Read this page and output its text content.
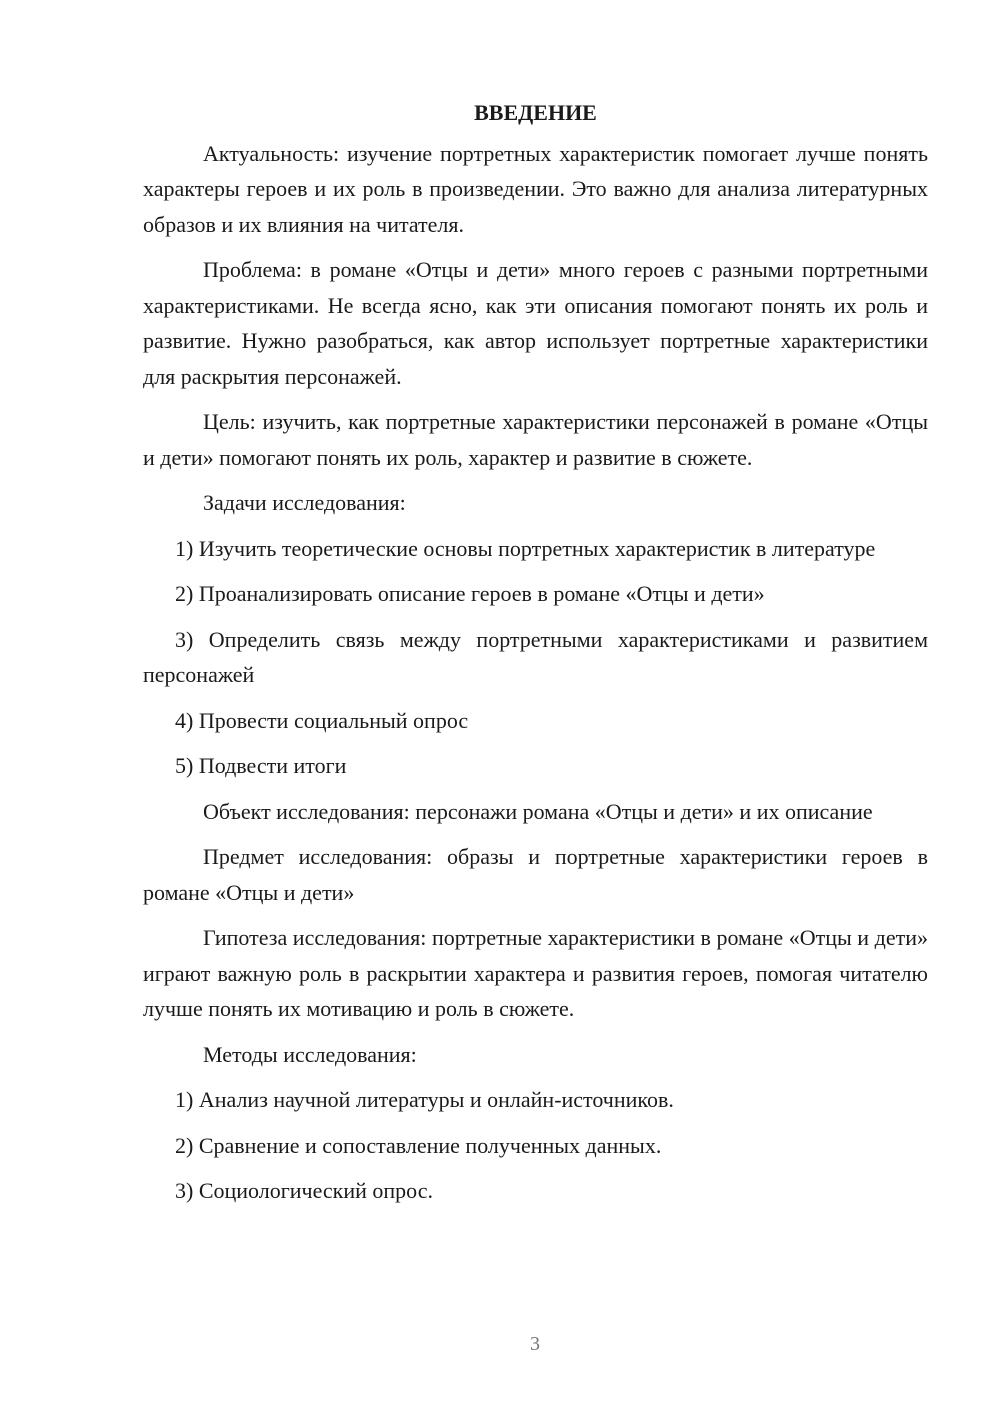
ВВЕДЕНИЕ

Актуальность: изучение портретных характеристик помогает лучше понять характеры героев и их роль в произведении. Это важно для анализа литературных образов и их влияния на читателя.

Проблема: в романе «Отцы и дети» много героев с разными портретными характеристиками. Не всегда ясно, как эти описания помогают понять их роль и развитие. Нужно разобраться, как автор использует портретные характеристики для раскрытия персонажей.

Цель: изучить, как портретные характеристики персонажей в романе «Отцы и дети» помогают понять их роль, характер и развитие в сюжете.

Задачи исследования:

1) Изучить теоретические основы портретных характеристик в литературе

2) Проанализировать описание героев в романе «Отцы и дети»

3) Определить связь между портретными характеристиками и развитием персонажей

4) Провести социальный опрос

5) Подвести итоги

Объект исследования: персонажи романа «Отцы и дети» и их описание

Предмет исследования: образы и портретные характеристики героев в романе «Отцы и дети»

Гипотеза исследования: портретные характеристики в романе «Отцы и дети» играют важную роль в раскрытии характера и развития героев, помогая читателю лучше понять их мотивацию и роль в сюжете.

Методы исследования:

1) Анализ научной литературы и онлайн-источников.

2) Сравнение и сопоставление полученных данных.

3) Социологический опрос.

3
